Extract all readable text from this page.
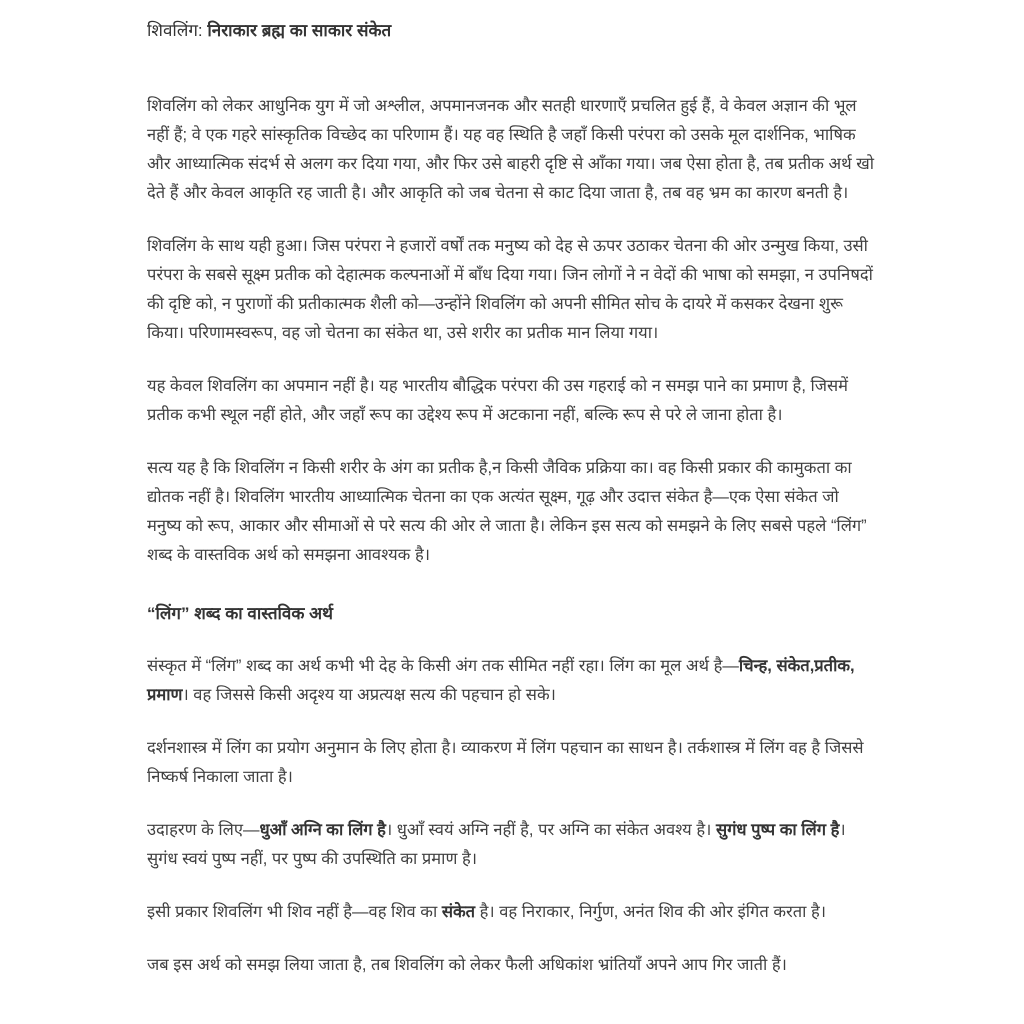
शिवलिंग: निराकार ब्रह्म का साकार संकेत

शिवलिंग को लेकर आधुनिक युग में जो अश्लील, अपमानजनक और सतही धारणाएँ प्रचलित हुई हैं, वे केवल अज्ञान की भूल नहीं हैं; वे एक गहरे सांस्कृतिक विच्छेद का परिणाम हैं। यह वह स्थिति है जहाँ किसी परंपरा को उसके मूल दार्शनिक, भाषिक और आध्यात्मिक संदर्भ से अलग कर दिया गया, और फिर उसे बाहरी दृष्टि से आँका गया। जब ऐसा होता है, तब प्रतीक अर्थ खो देते हैं और केवल आकृति रह जाती है। और आकृति को जब चेतना से काट दिया जाता है, तब वह भ्रम का कारण बनती है।

शिवलिंग के साथ यही हुआ। जिस परंपरा ने हजारों वर्षों तक मनुष्य को देह से ऊपर उठाकर चेतना की ओर उन्मुख किया, उसी परंपरा के सबसे सूक्ष्म प्रतीक को देहात्मक कल्पनाओं में बाँध दिया गया। जिन लोगों ने न वेदों की भाषा को समझा, न उपनिषदों की दृष्टि को, न पुराणों की प्रतीकात्मक शैली को—उन्होंने शिवलिंग को अपनी सीमित सोच के दायरे में कसकर देखना शुरू किया। परिणामस्वरूप, वह जो चेतना का संकेत था, उसे शरीर का प्रतीक मान लिया गया।

यह केवल शिवलिंग का अपमान नहीं है। यह भारतीय बौद्धिक परंपरा की उस गहराई को न समझ पाने का प्रमाण है, जिसमें प्रतीक कभी स्थूल नहीं होते, और जहाँ रूप का उद्देश्य रूप में अटकाना नहीं, बल्कि रूप से परे ले जाना होता है।

सत्य यह है कि शिवलिंग न किसी शरीर के अंग का प्रतीक है,न किसी जैविक प्रक्रिया का। वह किसी प्रकार की कामुकता का द्योतक नहीं है। शिवलिंग भारतीय आध्यात्मिक चेतना का एक अत्यंत सूक्ष्म, गूढ़ और उदात्त संकेत है—एक ऐसा संकेत जो मनुष्य को रूप, आकार और सीमाओं से परे सत्य की ओर ले जाता है। लेकिन इस सत्य को समझने के लिए सबसे पहले “लिंग” शब्द के वास्तविक अर्थ को समझना आवश्यक है।

“लिंग” शब्द का वास्तविक अर्थ

संस्कृत में “लिंग” शब्द का अर्थ कभी भी देह के किसी अंग तक सीमित नहीं रहा। लिंग का मूल अर्थ है—चिन्ह, संकेत,प्रतीक, प्रमाण। वह जिससे किसी अदृश्य या अप्रत्यक्ष सत्य की पहचान हो सके।

दर्शनशास्त्र में लिंग का प्रयोग अनुमान के लिए होता है। व्याकरण में लिंग पहचान का साधन है। तर्कशास्त्र में लिंग वह है जिससे निष्कर्ष निकाला जाता है।

उदाहरण के लिए—धुआँ अग्नि का लिंग है। धुआँ स्वयं अग्नि नहीं है, पर अग्नि का संकेत अवश्य है। सुगंध पुष्प का लिंग है। सुगंध स्वयं पुष्प नहीं, पर पुष्प की उपस्थिति का प्रमाण है।

इसी प्रकार शिवलिंग भी शिव नहीं है—वह शिव का संकेत है। वह निराकार, निर्गुण, अनंत शिव की ओर इंगित करता है।

जब इस अर्थ को समझ लिया जाता है, तब शिवलिंग को लेकर फैली अधिकांश भ्रांतियाँ अपने आप गिर जाती हैं।
